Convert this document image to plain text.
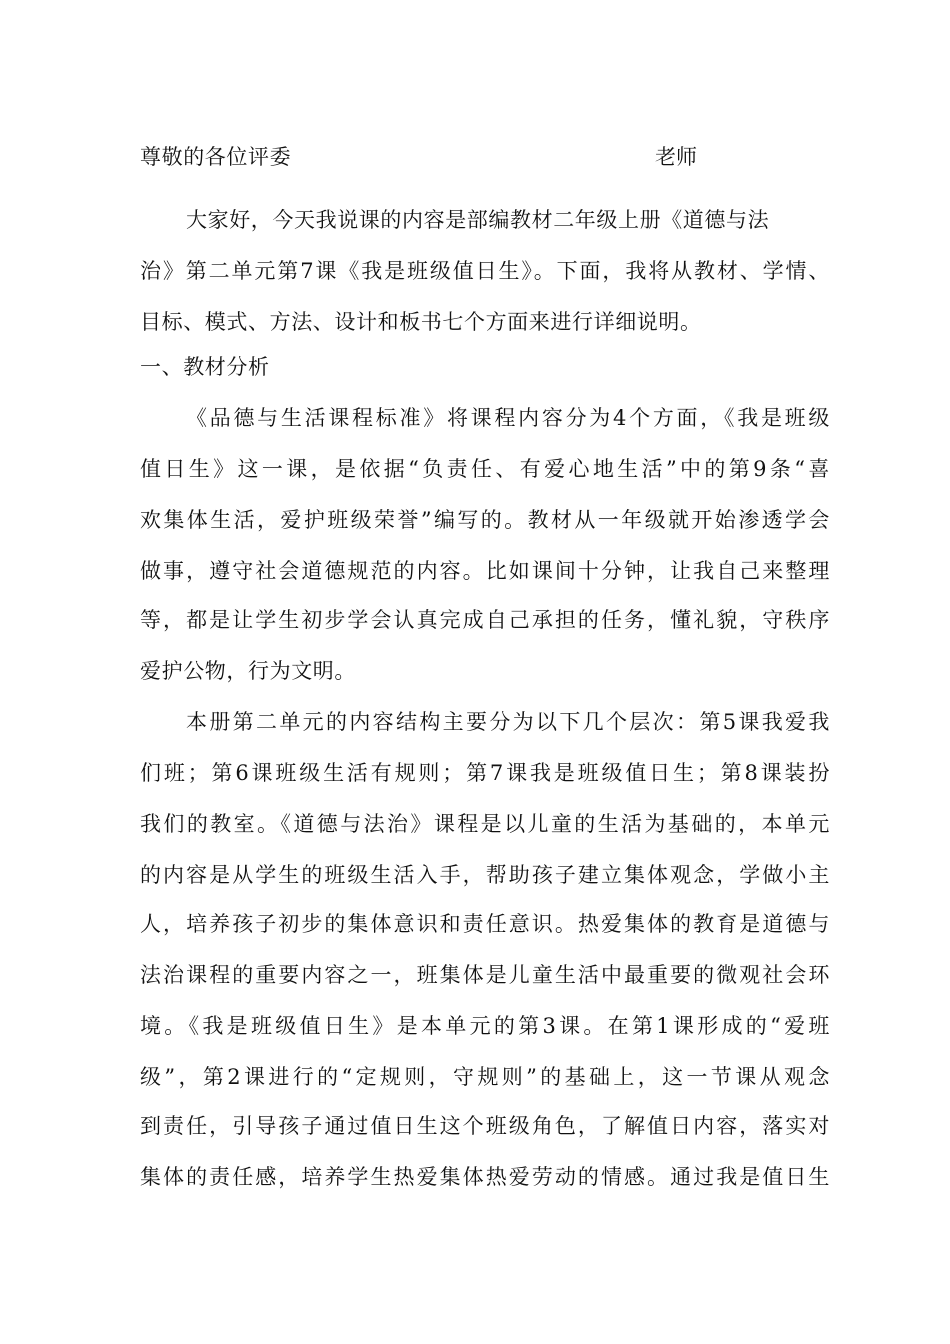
尊敬的各位评委	老师
大家好，今天我说课的内容是部编教材二年级上册《道德与法
治》第二单元第7课《我是班级值日生》。下面，我将从教材、学情、
目标、模式、方法、设计和板书七个方面来进行详细说明。
一、教材分析
《品德与生活课程标准》将课程内容分为4个方面，《我是班级
值日生》这一课，是依据“负责任、有爱心地生活”中的第9条“喜
欢集体生活，爱护班级荣誉”编写的。教材从一年级就开始渗透学会
做事，遵守社会道德规范的内容。比如课间十分钟，让我自己来整理
等，都是让学生初步学会认真完成自己承担的任务，懂礼貌，守秩序
爱护公物，行为文明。
本册第二单元的内容结构主要分为以下几个层次：第5课我爱我
们班；第6课班级生活有规则；第7课我是班级值日生；第8课装扮
我们的教室。《道德与法治》课程是以儿童的生活为基础的，本单元
的内容是从学生的班级生活入手，帮助孩子建立集体观念，学做小主
人，培养孩子初步的集体意识和责任意识。热爱集体的教育是道德与
法治课程的重要内容之一，班集体是儿童生活中最重要的微观社会环
境。《我是班级值日生》是本单元的第3课。在第1课形成的“爱班
级”，第2课进行的“定规则，守规则”的基础上，这一节课从观念
到责任，引导孩子通过值日生这个班级角色，了解值日内容，落实对
集体的责任感，培养学生热爱集体热爱劳动的情感。通过我是值日生
